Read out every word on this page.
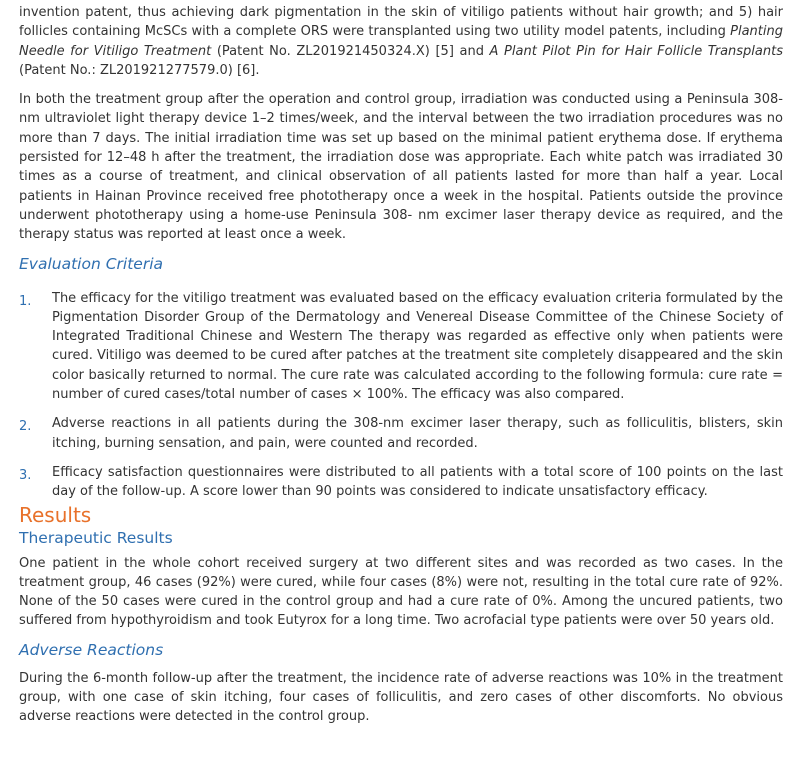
invention patent, thus achieving dark pigmentation in the skin of vitiligo patients without hair growth; and 5) hair follicles containing McSCs with a complete ORS were transplanted using two utility model patents, including Planting Needle for Vitiligo Treatment (Patent No. ZL201921450324.X) [5] and A Plant Pilot Pin for Hair Follicle Transplants (Patent No.: ZL201921277579.0) [6].

In both the treatment group after the operation and control group, irradiation was conducted using a Peninsula 308-nm ultraviolet light therapy device 1–2 times/week, and the interval between the two irradiation procedures was no more than 7 days. The initial irradiation time was set up based on the minimal patient erythema dose. If erythema persisted for 12–48 h after the treatment, the irradiation dose was appropriate. Each white patch was irradiated 30 times as a course of treatment, and clinical observation of all patients lasted for more than half a year. Local patients in Hainan Province received free phototherapy once a week in the hospital. Patients outside the province underwent phototherapy using a home-use Peninsula 308- nm excimer laser therapy device as required, and the therapy status was reported at least once a week.

Evaluation Criteria
1. The efficacy for the vitiligo treatment was evaluated based on the efficacy evaluation criteria formulated by the Pigmentation Disorder Group of the Dermatology and Venereal Disease Committee of the Chinese Society of Integrated Traditional Chinese and Western The therapy was regarded as effective only when patients were cured. Vitiligo was deemed to be cured after patches at the treatment site completely disappeared and the skin color basically returned to normal. The cure rate was calculated according to the following formula: cure rate = number of cured cases/total number of cases × 100%. The efficacy was also compared.

2. Adverse reactions in all patients during the 308-nm excimer laser therapy, such as folliculitis, blisters, skin itching, burning sensation, and pain, were counted and recorded.

3. Efficacy satisfaction questionnaires were distributed to all patients with a total score of 100 points on the last day of the follow-up. A score lower than 90 points was considered to indicate unsatisfactory efficacy.

Results
Therapeutic Results

One patient in the whole cohort received surgery at two different sites and was recorded as two cases. In the treatment group, 46 cases (92%) were cured, while four cases (8%) were not, resulting in the total cure rate of 92%. None of the 50 cases were cured in the control group and had a cure rate of 0%. Among the uncured patients, two suffered from hypothyroidism and took Eutyrox for a long time. Two acrofacial type patients were over 50 years old.

Adverse Reactions

During the 6-month follow-up after the treatment, the incidence rate of adverse reactions was 10% in the treatment group, with one case of skin itching, four cases of folliculitis, and zero cases of other discomforts. No obvious adverse reactions were detected in the control group.
